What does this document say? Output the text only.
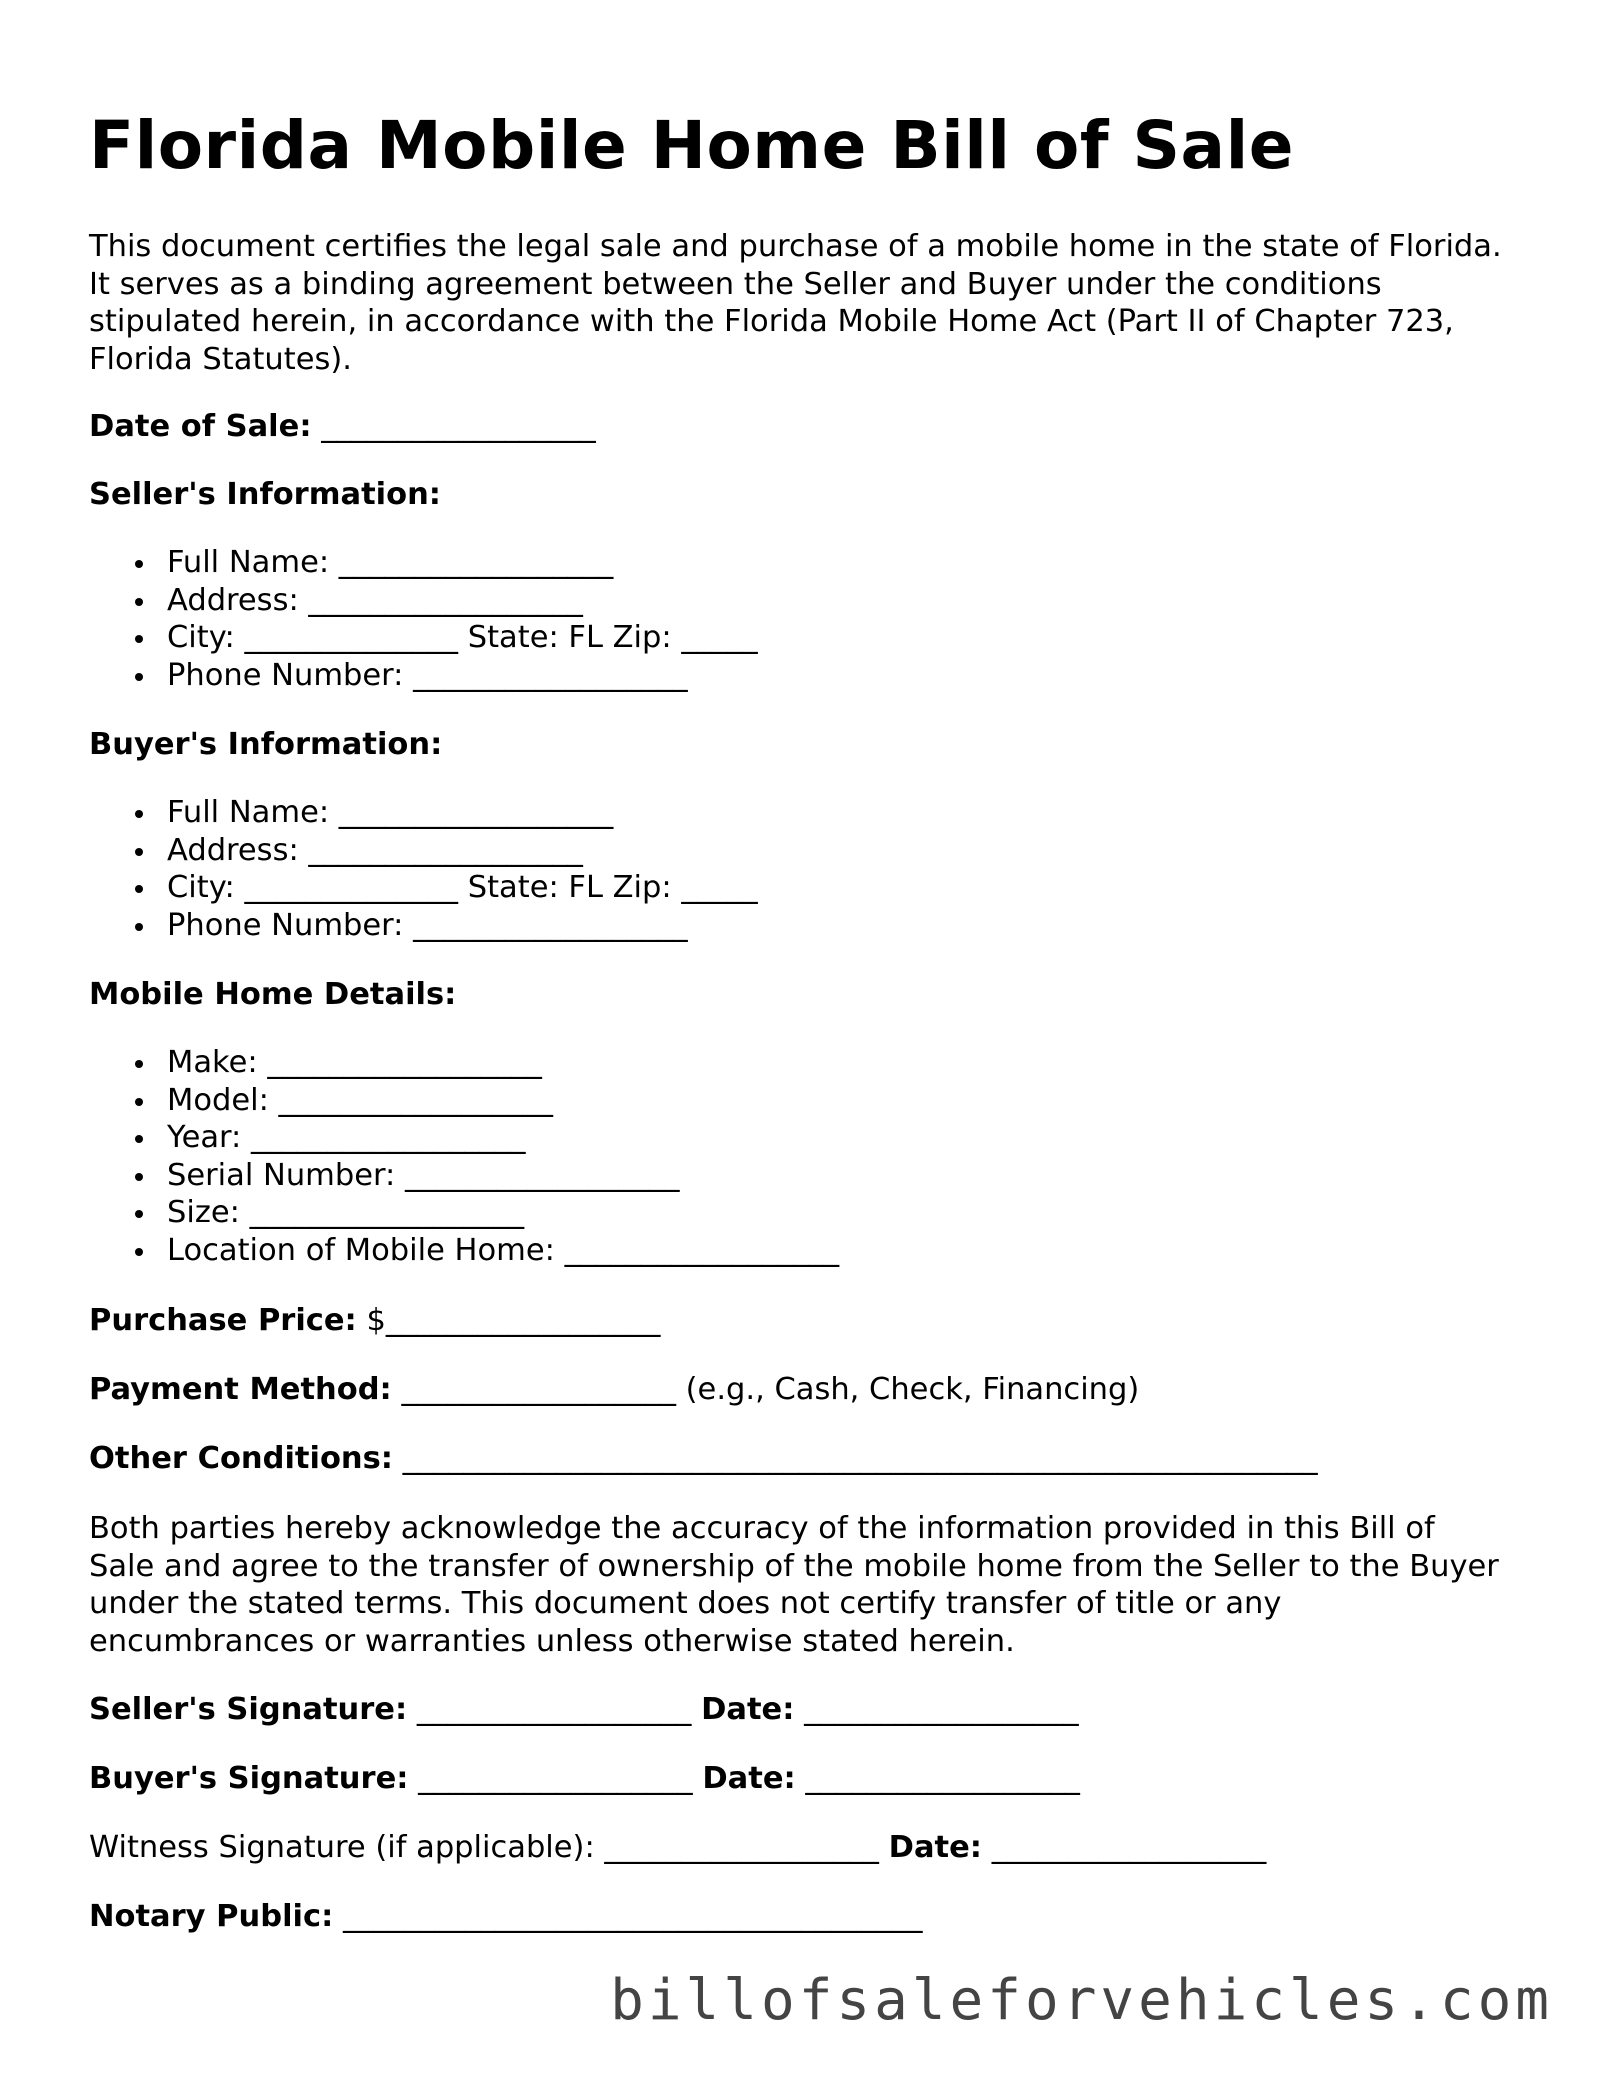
Florida Mobile Home Bill of Sale

This document certifies the legal sale and purchase of a mobile home in the state of Florida. It serves as a binding agreement between the Seller and Buyer under the conditions stipulated herein, in accordance with the Florida Mobile Home Act (Part II of Chapter 723, Florida Statutes).

Date of Sale: __________________

Seller's Information:

Full Name: __________________
Address: __________________
City: ______________ State: FL Zip: _____
Phone Number: __________________

Buyer's Information:

Full Name: __________________
Address: __________________
City: ______________ State: FL Zip: _____
Phone Number: __________________

Mobile Home Details:

Make: __________________
Model: __________________
Year: __________________
Serial Number: __________________
Size: __________________
Location of Mobile Home: __________________

Purchase Price: $__________________

Payment Method: __________________ (e.g., Cash, Check, Financing)

Other Conditions: ____________________________________________________________

Both parties hereby acknowledge the accuracy of the information provided in this Bill of Sale and agree to the transfer of ownership of the mobile home from the Seller to the Buyer under the stated terms. This document does not certify transfer of title or any encumbrances or warranties unless otherwise stated herein.

Seller's Signature: __________________ Date: __________________

Buyer's Signature: __________________ Date: __________________

Witness Signature (if applicable): __________________ Date: __________________

Notary Public: ______________________________________

billofsaleforvehicles.com
